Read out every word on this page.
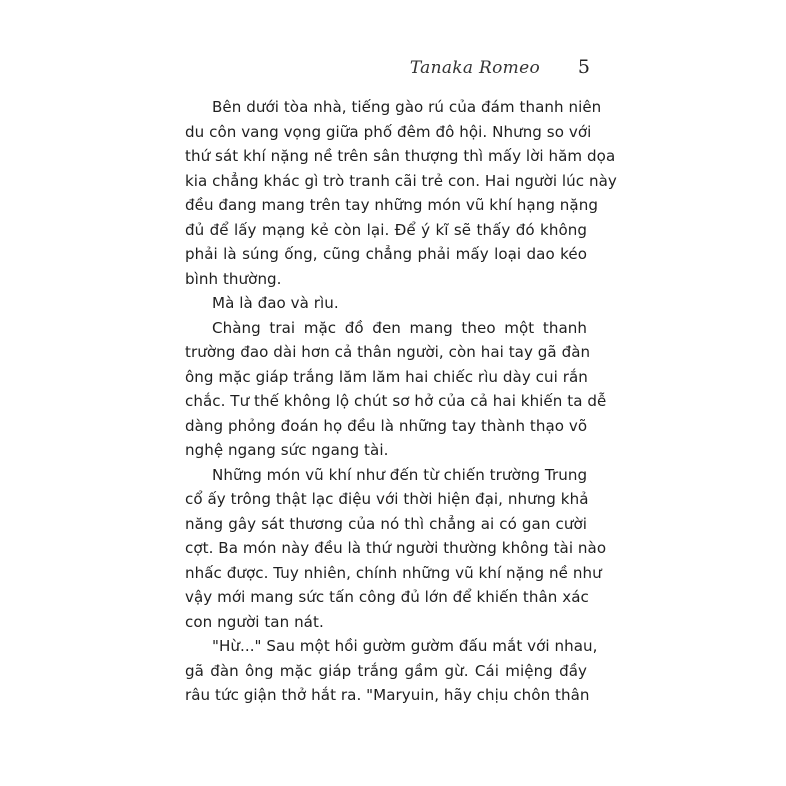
Tanaka Romeo 5
Bên dưới tòa nhà, tiếng gào rú của đám thanh niên
du côn vang vọng giữa phố đêm đô hội. Nhưng so với
thứ sát khí nặng nề trên sân thượng thì mấy lời hăm dọa
kia chẳng khác gì trò tranh cãi trẻ con. Hai người lúc này
đều đang mang trên tay những món vũ khí hạng nặng
đủ để lấy mạng kẻ còn lại. Để ý kĩ sẽ thấy đó không
phải là súng ống, cũng chẳng phải mấy loại dao kéo
bình thường.
Mà là đao và rìu.
Chàng trai mặc đồ đen mang theo một thanh
trường đao dài hơn cả thân người, còn hai tay gã đàn
ông mặc giáp trắng lăm lăm hai chiếc rìu dày cui rắn
chắc. Tư thế không lộ chút sơ hở của cả hai khiến ta dễ
dàng phỏng đoán họ đều là những tay thành thạo võ
nghệ ngang sức ngang tài.
Những món vũ khí như đến từ chiến trường Trung
cổ ấy trông thật lạc điệu với thời hiện đại, nhưng khả
năng gây sát thương của nó thì chẳng ai có gan cười
cợt. Ba món này đều là thứ người thường không tài nào
nhấc được. Tuy nhiên, chính những vũ khí nặng nề như
vậy mới mang sức tấn công đủ lớn để khiến thân xác
con người tan nát.
"Hừ..." Sau một hồi gườm gườm đấu mắt với nhau,
gã đàn ông mặc giáp trắng gầm gừ. Cái miệng đầy
râu tức giận thở hắt ra. "Maryuin, hãy chịu chôn thân
